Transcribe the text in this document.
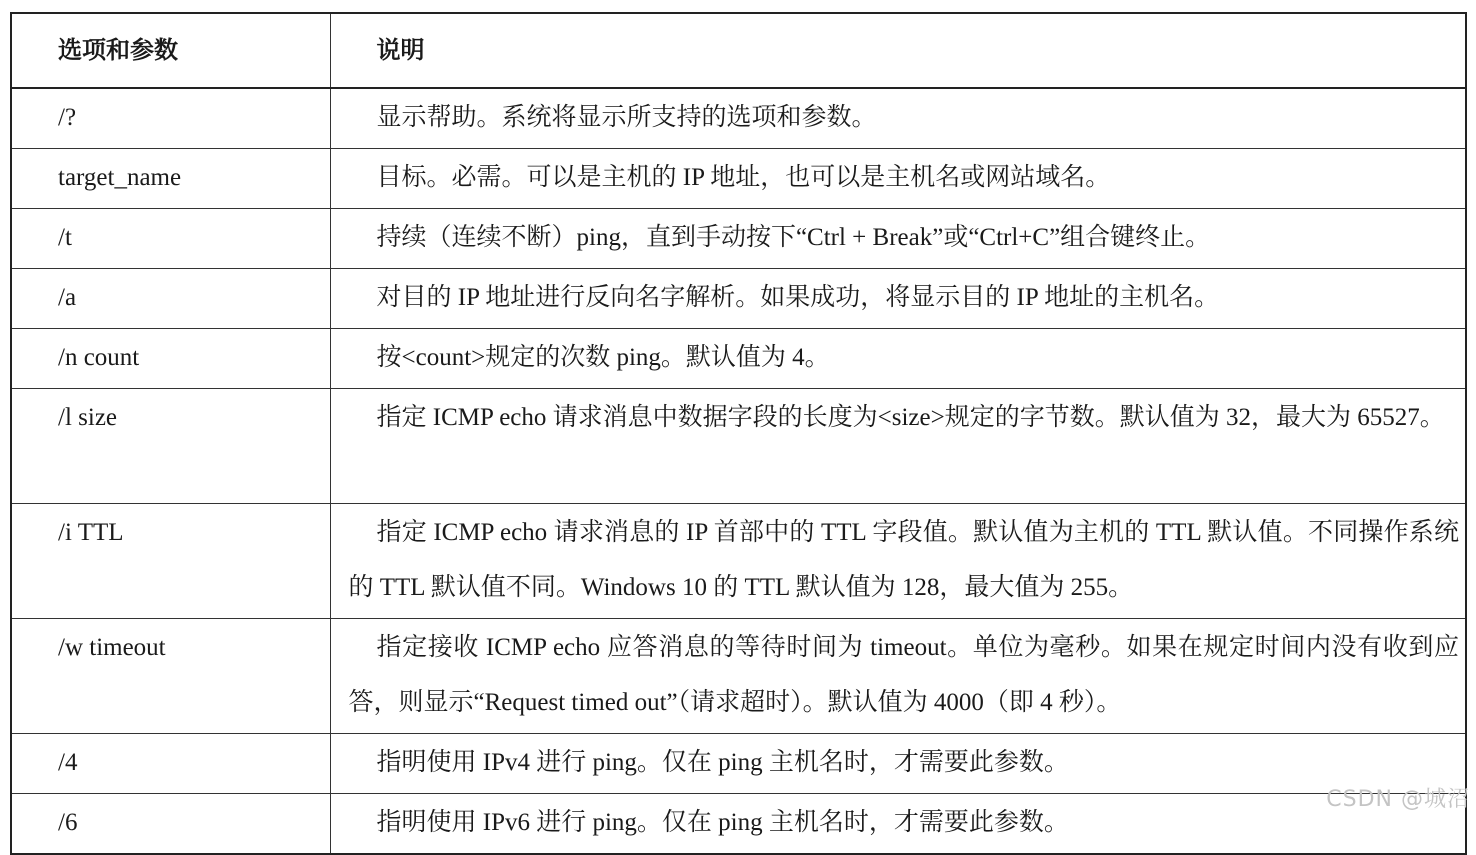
选项和参数	说明
/?	显示帮助。系统将显示所支持的选项和参数。
target_name	目标。必需。可以是主机的 IP 地址，也可以是主机名或网站域名。
/t	持续（连续不断）ping，直到手动按下“Ctrl + Break”或“Ctrl+C”组合键终止。
/a	对目的 IP 地址进行反向名字解析。如果成功，将显示目的 IP 地址的主机名。
/n count	按<count>规定的次数 ping。默认值为 4。
/l size	指定 ICMP echo 请求消息中数据字段的长度为<size>规定的字节数。默认值为 32，最大为 65527。
/i TTL	指定 ICMP echo 请求消息的 IP 首部中的 TTL 字段值。默认值为主机的 TTL 默认值。不同操作系统的 TTL 默认值不同。Windows 10 的 TTL 默认值为 128，最大值为 255。
/w timeout	指定接收 ICMP echo 应答消息的等待时间为 timeout。单位为毫秒。如果在规定时间内没有收到应答，则显示“Request timed out”（请求超时）。默认值为 4000（即 4 秒）。
/4	指明使用 IPv4 进行 ping。仅在 ping 主机名时，才需要此参数。
/6	指明使用 IPv6 进行 ping。仅在 ping 主机名时，才需要此参数。
CSDN @城沼
